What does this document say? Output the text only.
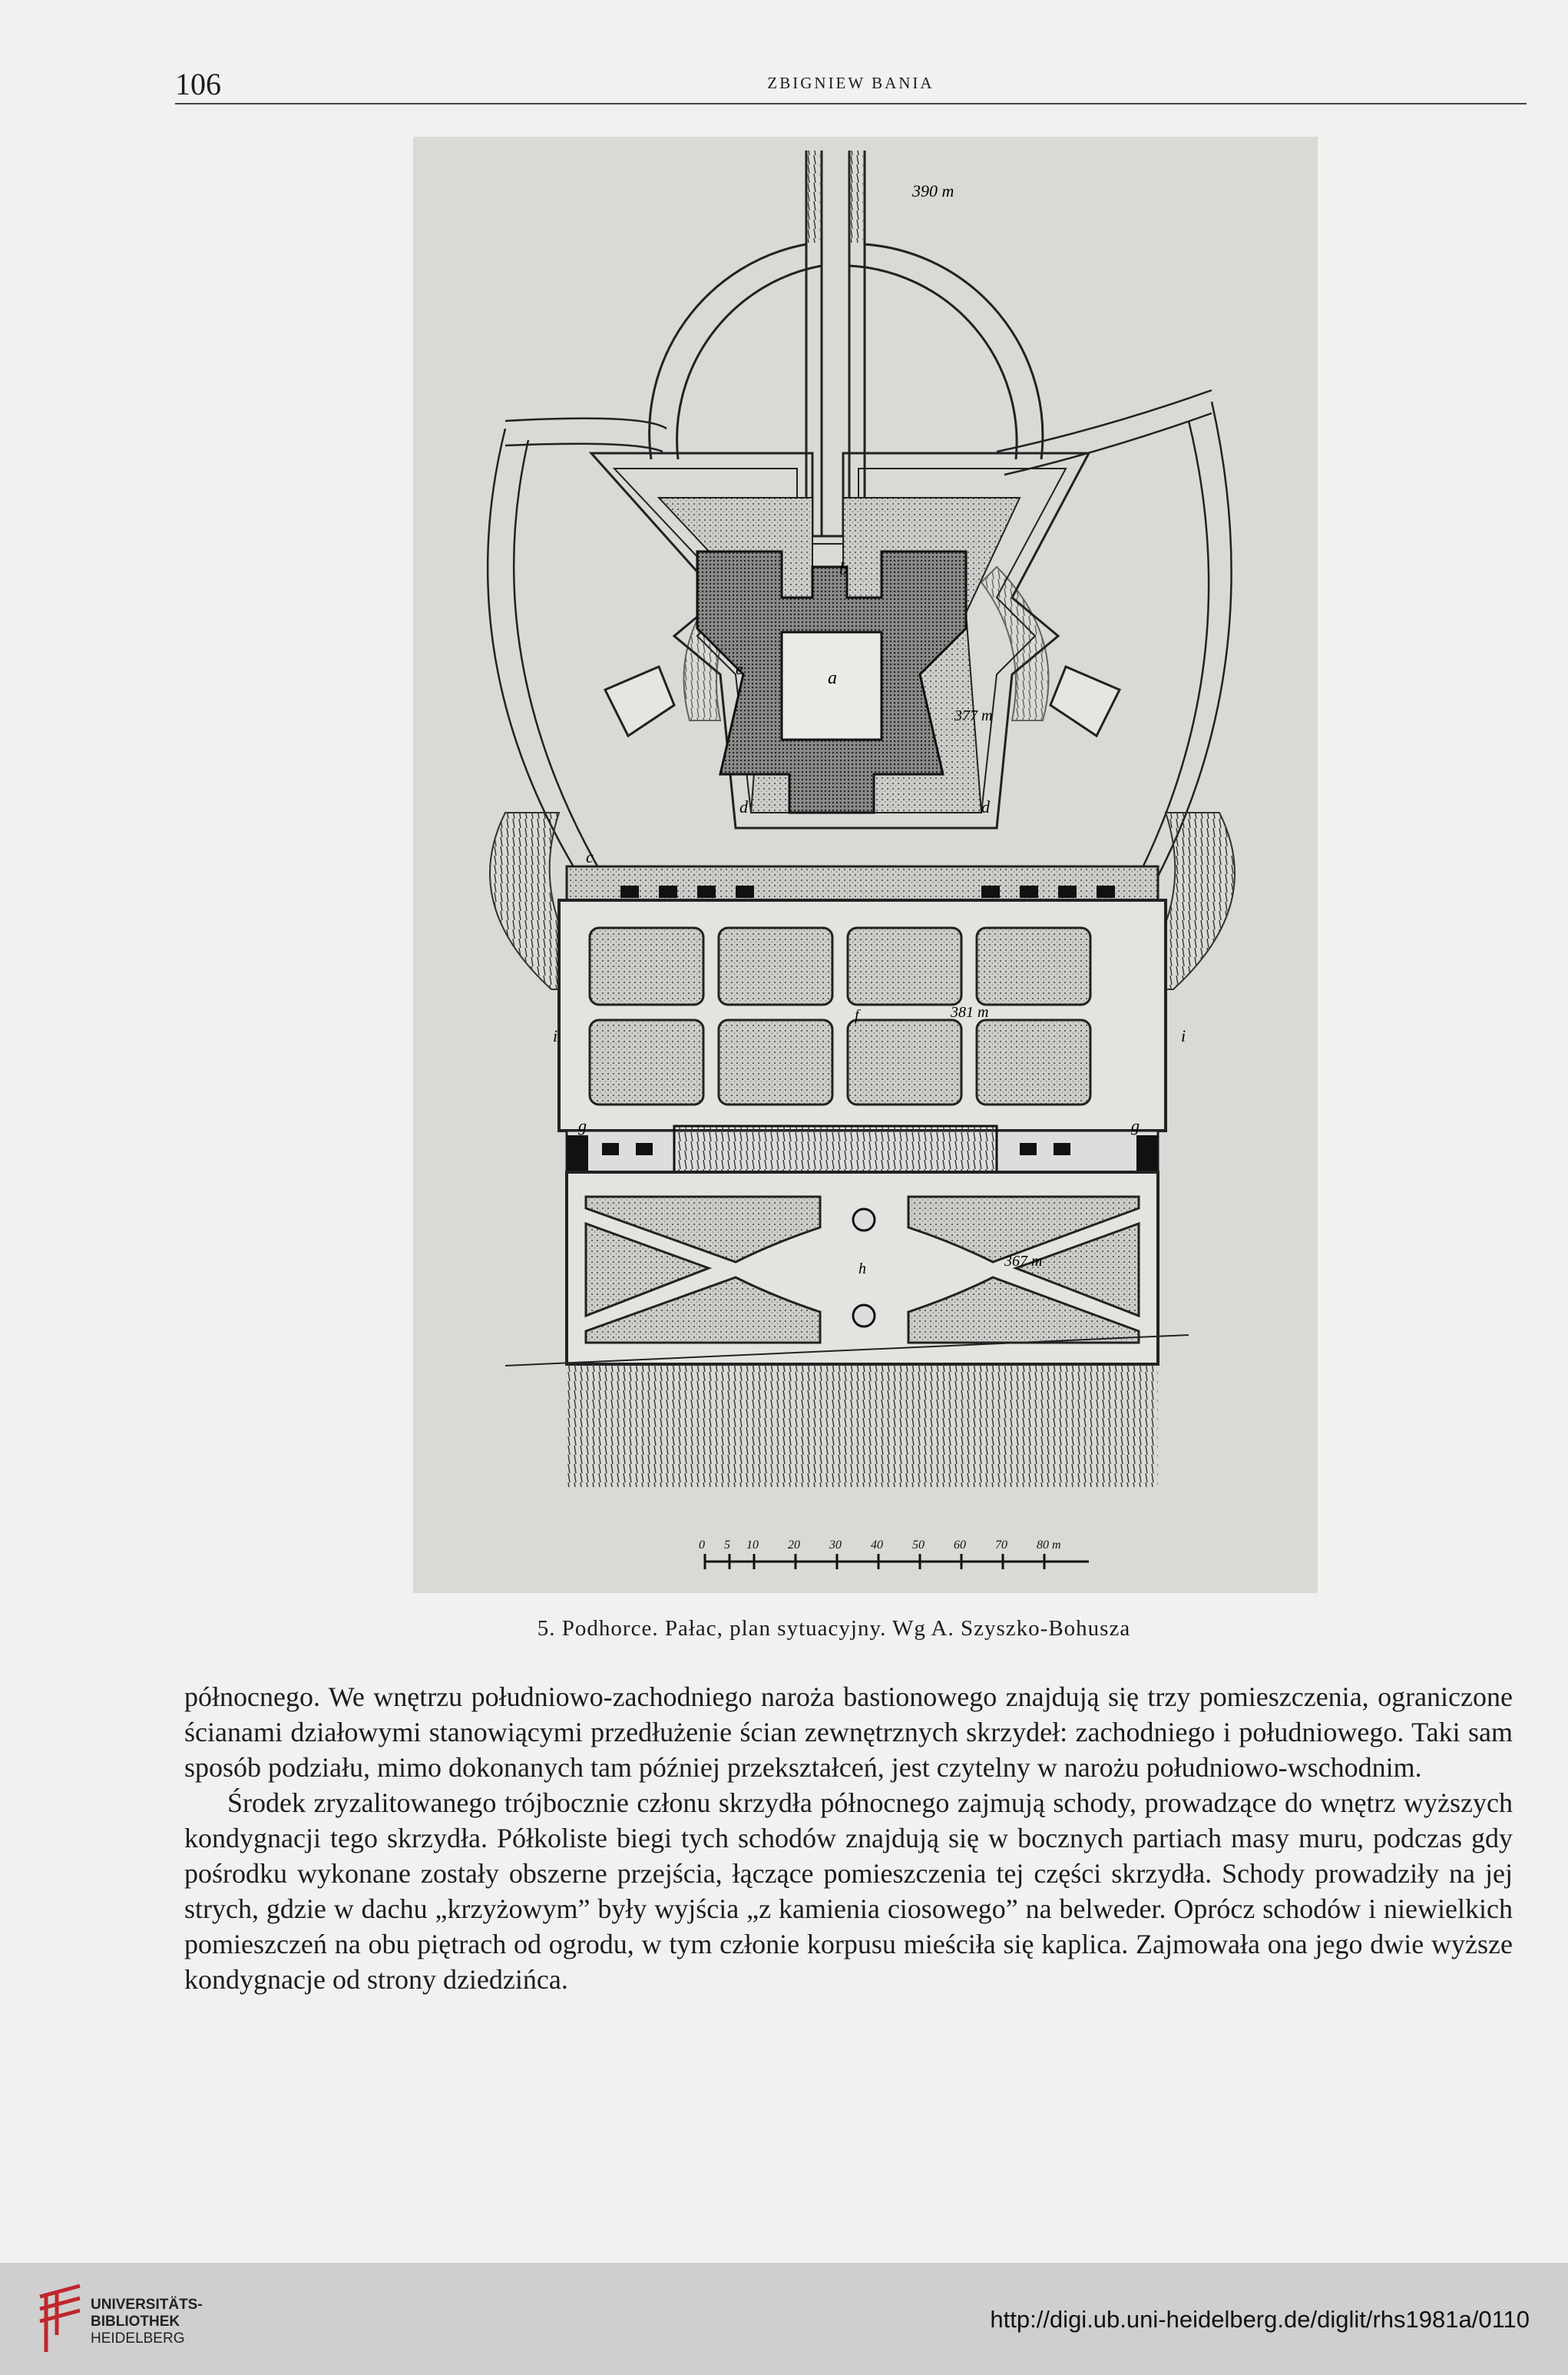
106	ZBIGNIEW BANIA
390 m
a
b
377 m
c
d	d
e
f	381 m
i	i
g	g
h	367 m
0 5 10 20 30 40 50 60 70 80 m
5. Podhorce. Pałac, plan sytuacyjny. Wg A. Szyszko-Bohusza

północnego. We wnętrzu południowo-zachodniego naroża bastionowego znajdują się trzy pomieszczenia, ograniczone ścianami działowymi stanowiącymi przedłużenie ścian zewnętrznych skrzydeł: zachodniego i południowego. Taki sam sposób podziału, mimo dokonanych tam później przekształceń, jest czytelny w narożu południowo-wschodnim.

Środek zryzalitowanego trójbocznie członu skrzydła północnego zajmują schody, prowadzące do wnętrz wyższych kondygnacji tego skrzydła. Półkoliste biegi tych schodów znajdują się w bocznych partiach masy muru, podczas gdy pośrodku wykonane zostały obszerne przejścia, łączące pomieszczenia tej części skrzydła. Schody prowadziły na jej strych, gdzie w dachu „krzyżowym” były wyjścia „z kamienia ciosowego” na belweder. Oprócz schodów i niewielkich pomieszczeń na obu piętrach od ogrodu, w tym członie korpusu mieściła się kaplica. Zajmowała ona jego dwie wyższe kondygnacje od strony dziedzińca.

UNIVERSITÄTS-
BIBLIOTHEK
HEIDELBERG
http://digi.ub.uni-heidelberg.de/diglit/rhs1981a/0110
